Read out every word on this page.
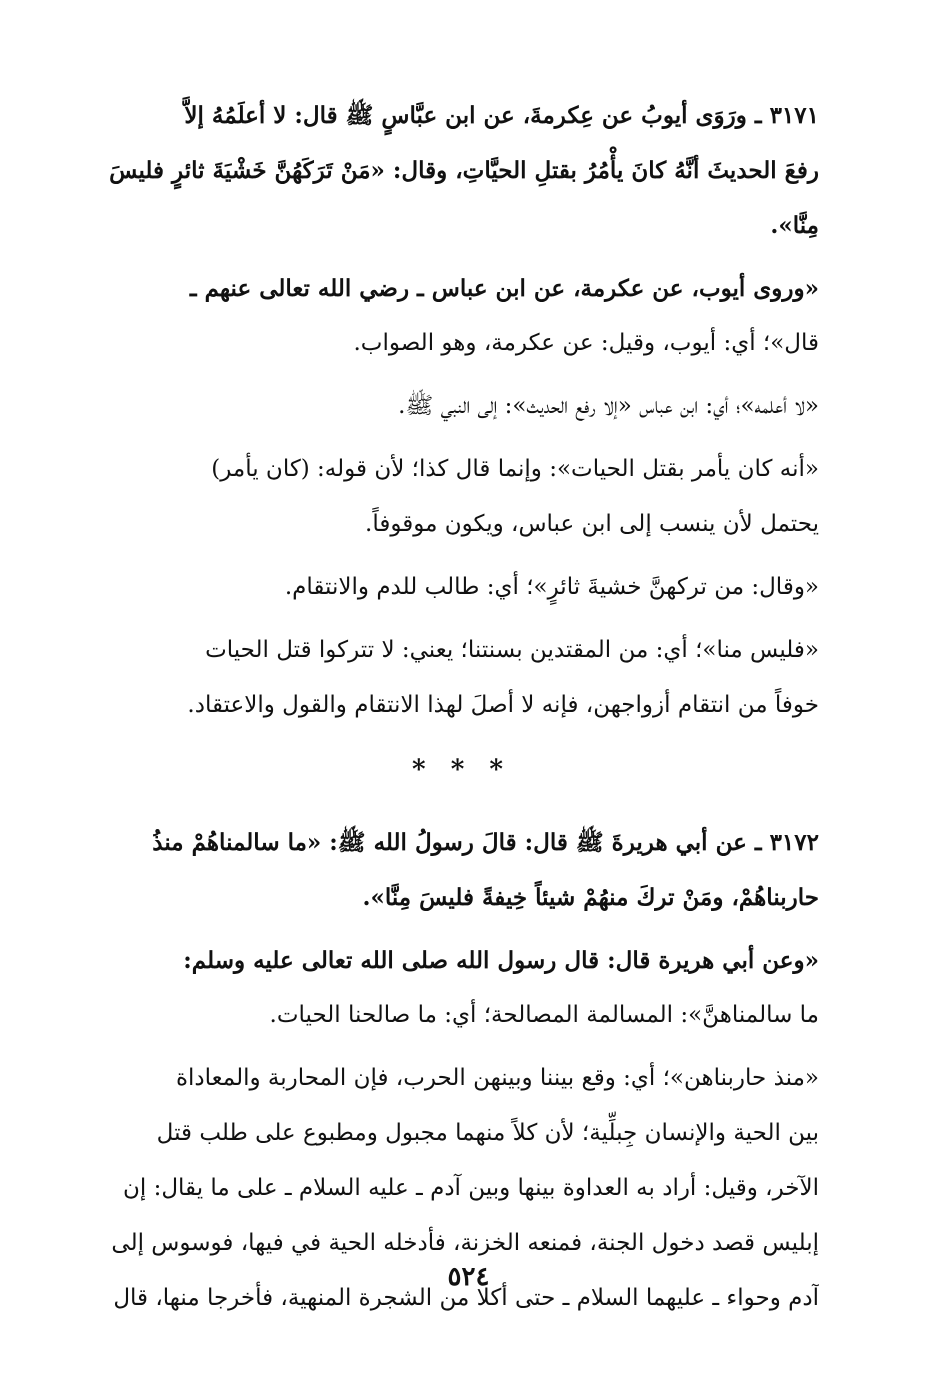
٣١٧١ ـ ورَوَى أيوبُ عن عِكرمةَ، عن ابن عبَّاسٍ ﷺ قال: لا أعلَمُهُ إلاَّ
رفعَ الحديثَ أنَّهُ كانَ يأْمُرُ بقتلِ الحيَّاتِ، وقال: «مَنْ تَرَكَهُنَّ خَشْيَةَ ثائرٍ فليسَ
مِنَّا».
«وروى أيوب، عن عكرمة، عن ابن عباس ـ رضي الله تعالى عنهم ـ
قال»؛ أي: أيوب، وقيل: عن عكرمة، وهو الصواب.
«لا أعلمه»؛ أي: ابن عباس «إلا رفع الحديث»: إلى النبي ﷺ.
«أنه كان يأمر بقتل الحيات»: وإنما قال كذا؛ لأن قوله: (كان يأمر)
يحتمل لأن ينسب إلى ابن عباس، ويكون موقوفاً.
«وقال: من تركهنَّ خشيةَ ثائرٍ»؛ أي: طالب للدم والانتقام.
«فليس منا»؛ أي: من المقتدين بسنتنا؛ يعني: لا تتركوا قتل الحيات
خوفاً من انتقام أزواجهن، فإنه لا أصلَ لهذا الانتقام والقول والاعتقاد.
* * *
٣١٧٢ ـ عن أبي هريرةَ ﷺ قال: قالَ رسولُ الله ﷺ: «ما سالمناهُمْ منذُ
حاربناهُمْ، ومَنْ تركَ منهُمْ شيئاً خِيفةً فليسَ مِنَّا».
«وعن أبي هريرة قال: قال رسول الله صلى الله تعالى عليه وسلم:
ما سالمناهنَّ»: المسالمة المصالحة؛ أي: ما صالحنا الحيات.
«منذ حاربناهن»؛ أي: وقع بيننا وبينهن الحرب، فإن المحاربة والمعاداة
بين الحية والإنسان جِبلِّية؛ لأن كلاً منهما مجبول ومطبوع على طلب قتل
الآخر، وقيل: أراد به العداوة بينها وبين آدم ـ عليه السلام ـ على ما يقال: إن
إبليس قصد دخول الجنة، فمنعه الخزنة، فأدخله الحية في فيها، فوسوس إلى
آدم وحواء ـ عليهما السلام ـ حتى أكلا من الشجرة المنهية، فأخرجا منها، قال
٥٢٤
